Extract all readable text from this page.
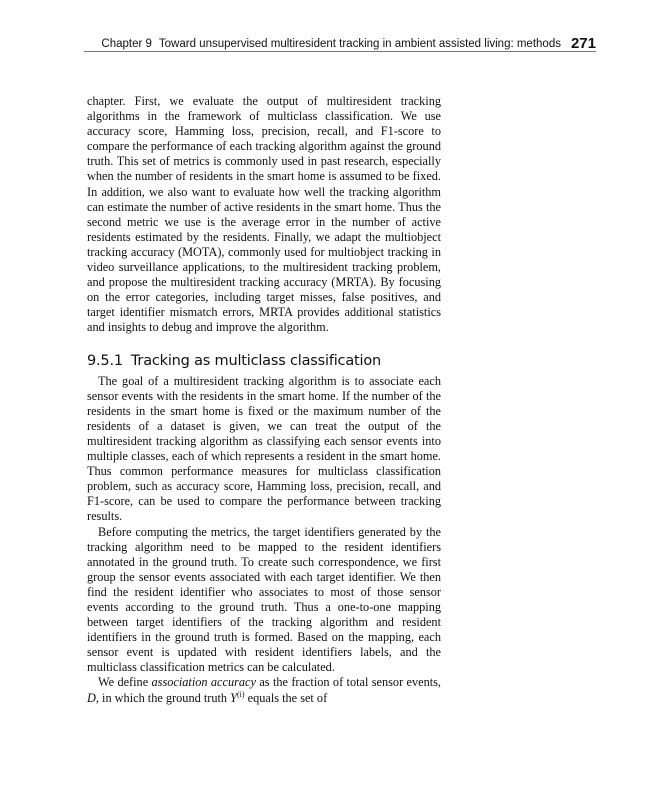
Chapter 9 Toward unsupervised multiresident tracking in ambient assisted living: methods 271

chapter. First, we evaluate the output of multiresident tracking algorithms in the framework of multiclass classification. We use accuracy score, Hamming loss, precision, recall, and F1-score to compare the performance of each tracking algorithm against the ground truth. This set of metrics is commonly used in past research, especially when the number of residents in the smart home is assumed to be fixed. In addition, we also want to evaluate how well the tracking algorithm can estimate the number of active residents in the smart home. Thus the second metric we use is the average error in the number of active residents estimated by the residents. Finally, we adapt the multiobject tracking accuracy (MOTA), commonly used for multiobject tracking in video surveillance applications, to the multiresident tracking problem, and propose the multiresident tracking accuracy (MRTA). By focusing on the error categories, including target misses, false positives, and target identifier mismatch errors, MRTA provides additional statistics and insights to debug and improve the algorithm.

9.5.1 Tracking as multiclass classification

The goal of a multiresident tracking algorithm is to associate each sensor events with the residents in the smart home. If the number of the residents in the smart home is fixed or the maximum number of the residents of a dataset is given, we can treat the output of the multiresident tracking algorithm as classifying each sensor events into multiple classes, each of which represents a resident in the smart home. Thus common performance measures for multiclass classification problem, such as accuracy score, Hamming loss, precision, recall, and F1-score, can be used to compare the performance between tracking results.

Before computing the metrics, the target identifiers generated by the tracking algorithm need to be mapped to the resident identifiers annotated in the ground truth. To create such correspondence, we first group the sensor events associated with each target identifier. We then find the resident identifier who associates to most of those sensor events according to the ground truth. Thus a one-to-one mapping between target identifiers of the tracking algorithm and resident identifiers in the ground truth is formed. Based on the mapping, each sensor event is updated with resident identifiers labels, and the multiclass classification metrics can be calculated.

We define association accuracy as the fraction of total sensor events, D, in which the ground truth $Y^{(i)}$ equals the set of
